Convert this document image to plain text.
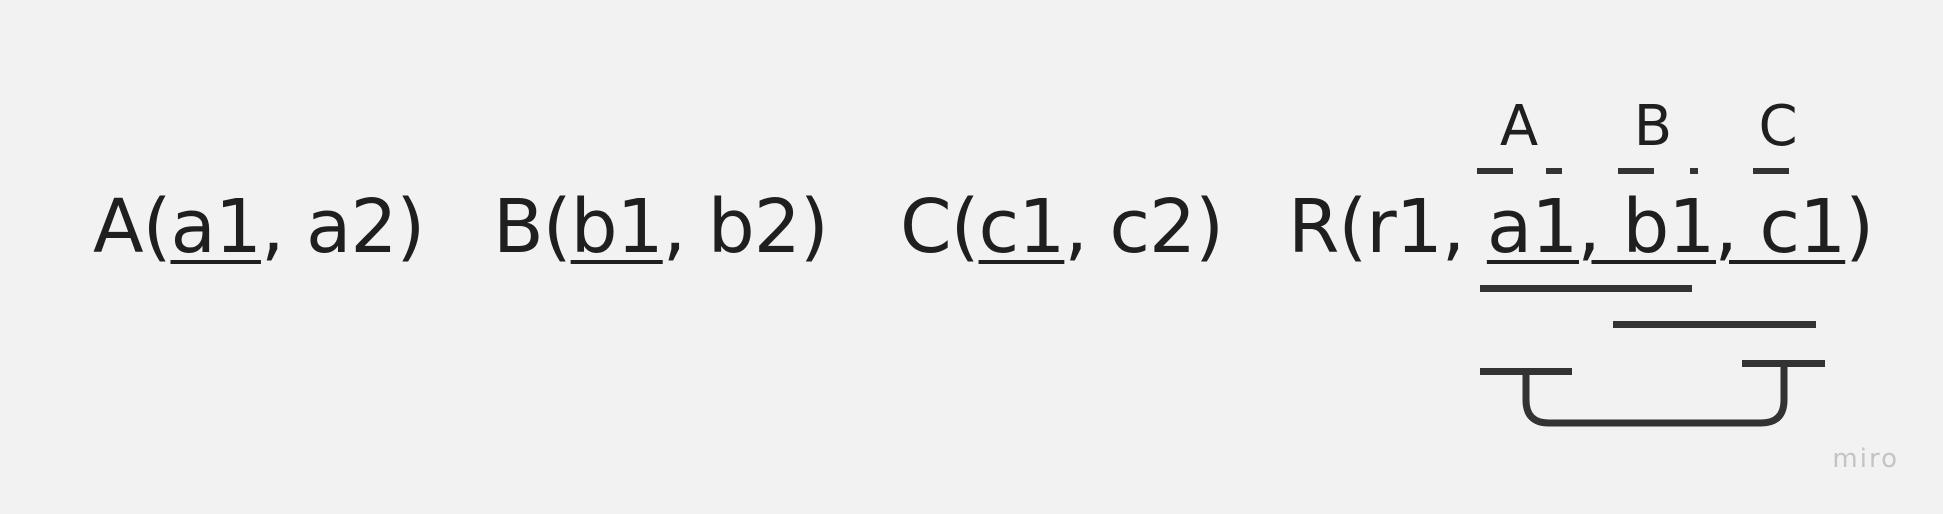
A(a1, a2) B(b1, b2) C(c1, c2) R(r1, a1, b1, c1)
A B C
miro
